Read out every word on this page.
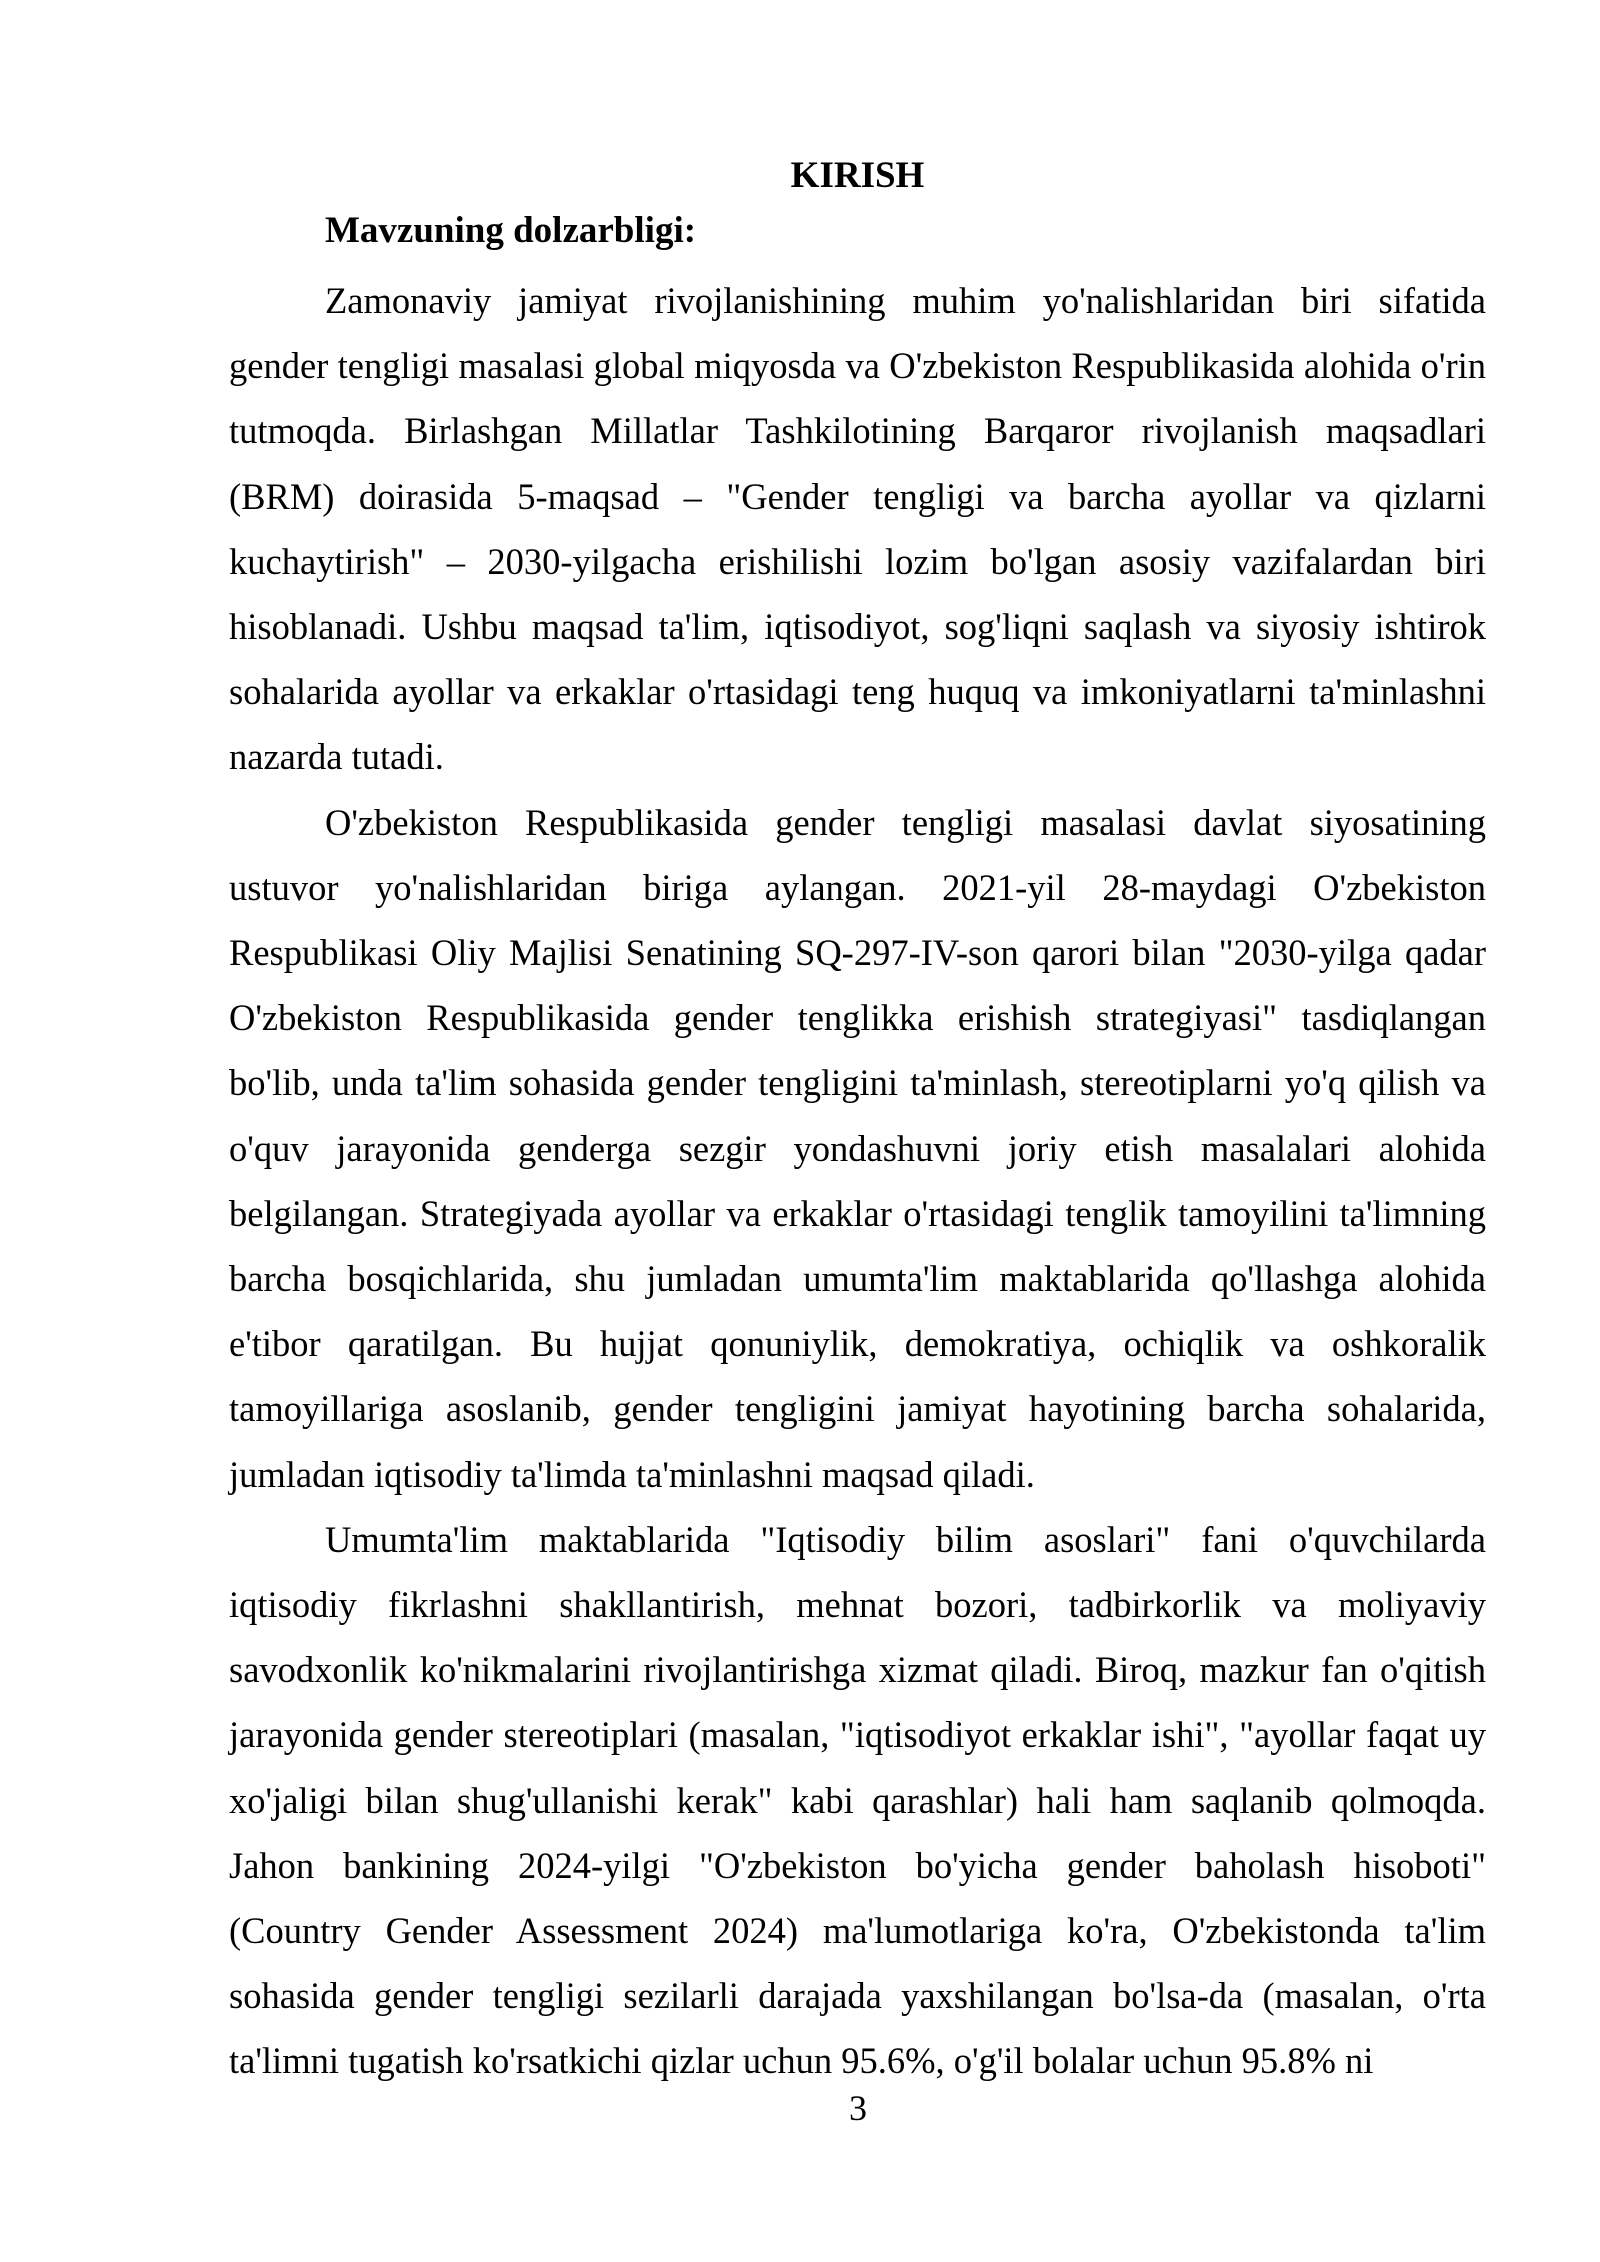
KIRISH
Mavzuning dolzarbligi:

Zamonaviy jamiyat rivojlanishining muhim yo'nalishlaridan biri sifatida gender tengligi masalasi global miqyosda va O'zbekiston Respublikasida alohida o'rin tutmoqda. Birlashgan Millatlar Tashkilotining Barqaror rivojlanish maqsadlari (BRM) doirasida 5-maqsad – "Gender tengligi va barcha ayollar va qizlarni kuchaytirish" – 2030-yilgacha erishilishi lozim bo'lgan asosiy vazifalardan biri hisoblanadi. Ushbu maqsad ta'lim, iqtisodiyot, sog'liqni saqlash va siyosiy ishtirok sohalarida ayollar va erkaklar o'rtasidagi teng huquq va imkoniyatlarni ta'minlashni nazarda tutadi.

O'zbekiston Respublikasida gender tengligi masalasi davlat siyosatining ustuvor yo'nalishlaridan biriga aylangan. 2021-yil 28-maydagi O'zbekiston Respublikasi Oliy Majlisi Senatining SQ-297-IV-son qarori bilan "2030-yilga qadar O'zbekiston Respublikasida gender tenglikka erishish strategiyasi" tasdiqlangan bo'lib, unda ta'lim sohasida gender tengligini ta'minlash, stereotiplarni yo'q qilish va o'quv jarayonida genderga sezgir yondashuvni joriy etish masalalari alohida belgilangan. Strategiyada ayollar va erkaklar o'rtasidagi tenglik tamoyilini ta'limning barcha bosqichlarida, shu jumladan umumta'lim maktablarida qo'llashga alohida e'tibor qaratilgan. Bu hujjat qonuniylik, demokratiya, ochiqlik va oshkoralik tamoyillariga asoslanib, gender tengligini jamiyat hayotining barcha sohalarida, jumladan iqtisodiy ta'limda ta'minlashni maqsad qiladi.

Umumta'lim maktablarida "Iqtisodiy bilim asoslari" fani o'quvchilarda iqtisodiy fikrlashni shakllantirish, mehnat bozori, tadbirkorlik va moliyaviy savodxonlik ko'nikmalarini rivojlantirishga xizmat qiladi. Biroq, mazkur fan o'qitish jarayonida gender stereotiplari (masalan, "iqtisodiyot erkaklar ishi", "ayollar faqat uy xo'jaligi bilan shug'ullanishi kerak" kabi qarashlar) hali ham saqlanib qolmoqda. Jahon bankining 2024-yilgi "O'zbekiston bo'yicha gender baholash hisoboti" (Country Gender Assessment 2024) ma'lumotlariga ko'ra, O'zbekistonda ta'lim sohasida gender tengligi sezilarli darajada yaxshilangan bo'lsa-da (masalan, o'rta ta'limni tugatish ko'rsatkichi qizlar uchun 95.6%, o'g'il bolalar uchun 95.8% ni

3
